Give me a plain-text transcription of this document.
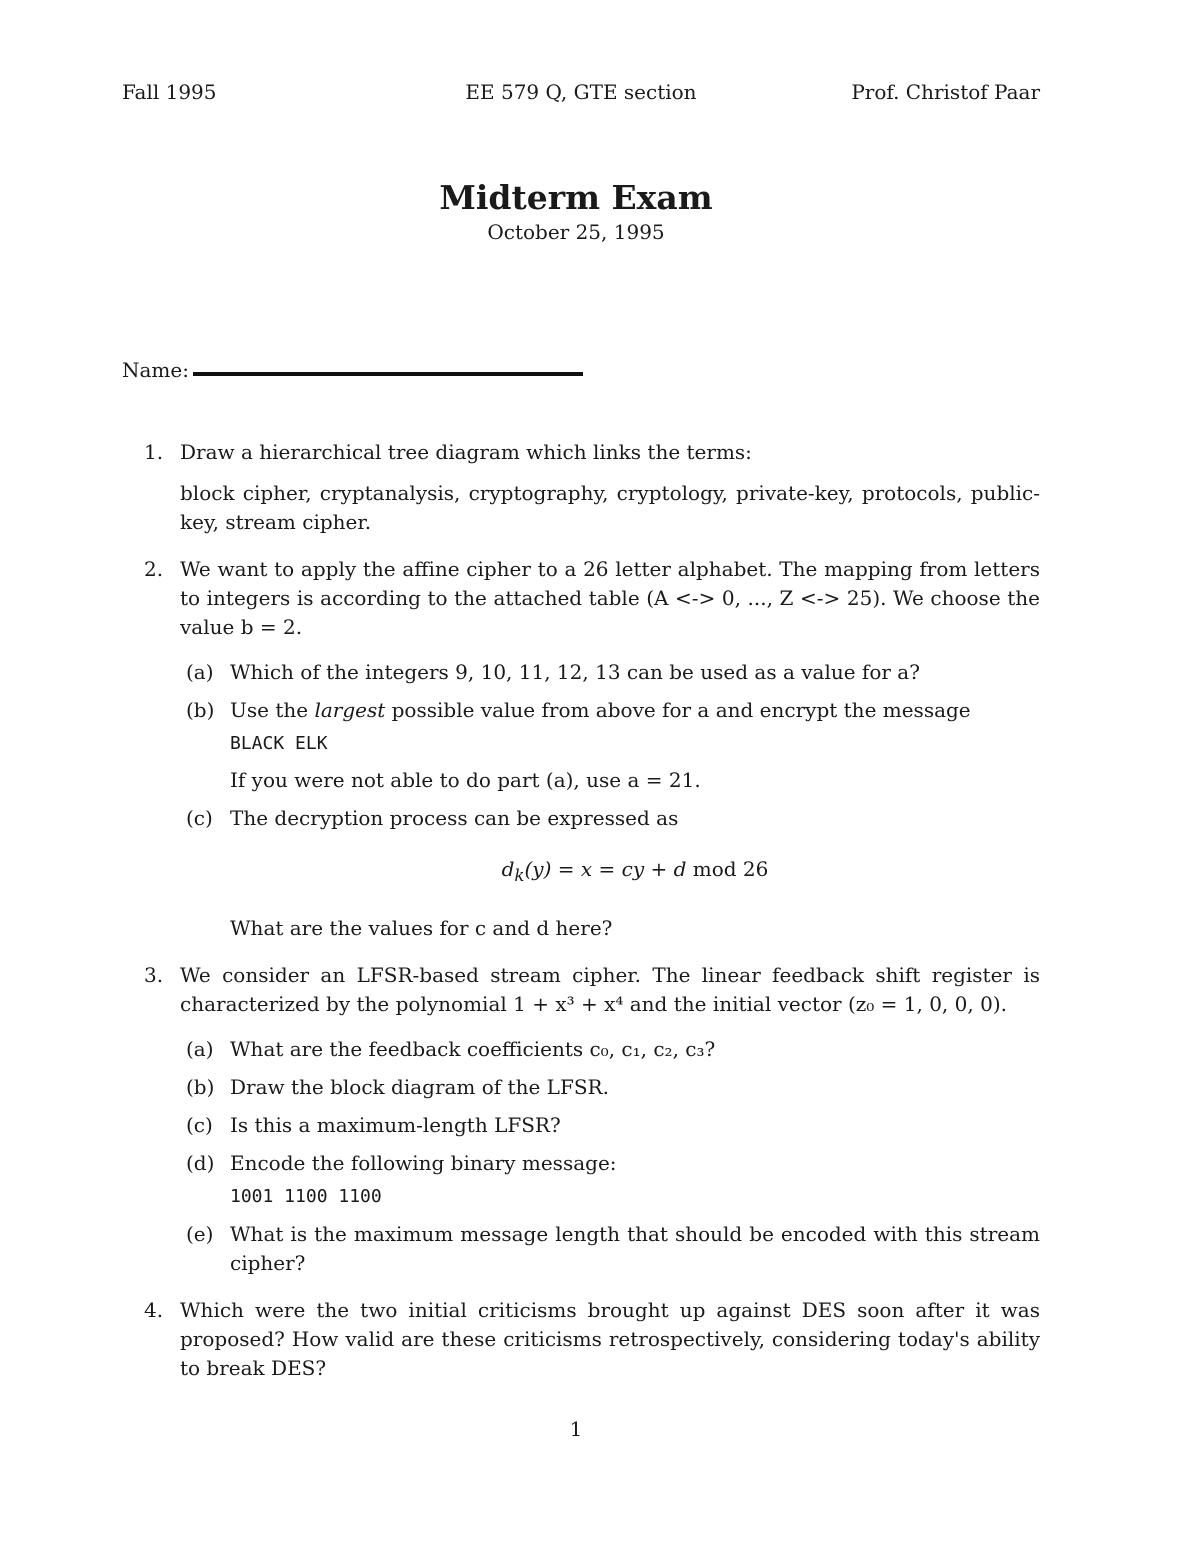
Fall 1995	EE 579 Q, GTE section	Prof. Christof Paar
Midterm Exam
October 25, 1995
Name:
1. Draw a hierarchical tree diagram which links the terms:
block cipher, cryptanalysis, cryptography, cryptology, private-key, protocols, public-key, stream cipher.
2. We want to apply the affine cipher to a 26 letter alphabet. The mapping from letters to integers is according to the attached table (A <-> 0, ..., Z <-> 25). We choose the value b = 2.
(a) Which of the integers 9, 10, 11, 12, 13 can be used as a value for a?
(b) Use the largest possible value from above for a and encrypt the message
BLACK ELK
If you were not able to do part (a), use a = 21.
(c) The decryption process can be expressed as
$d_k(y) = x$ = cy + d mod 26
What are the values for c and d here?
3. We consider an LFSR-based stream cipher. The linear feedback shift register is characterized by the polynomial 1 + x³ + x⁴ and the initial vector (z₀ = 1, 0, 0, 0).
(a) What are the feedback coefficients c₀, c₁, c₂, c₃?
(b) Draw the block diagram of the LFSR.
(c) Is this a maximum-length LFSR?
(d) Encode the following binary message:
1001 1100 1100
(e) What is the maximum message length that should be encoded with this stream cipher?
4. Which were the two initial criticisms brought up against DES soon after it was proposed? How valid are these criticisms retrospectively, considering today's ability to break DES?
1
